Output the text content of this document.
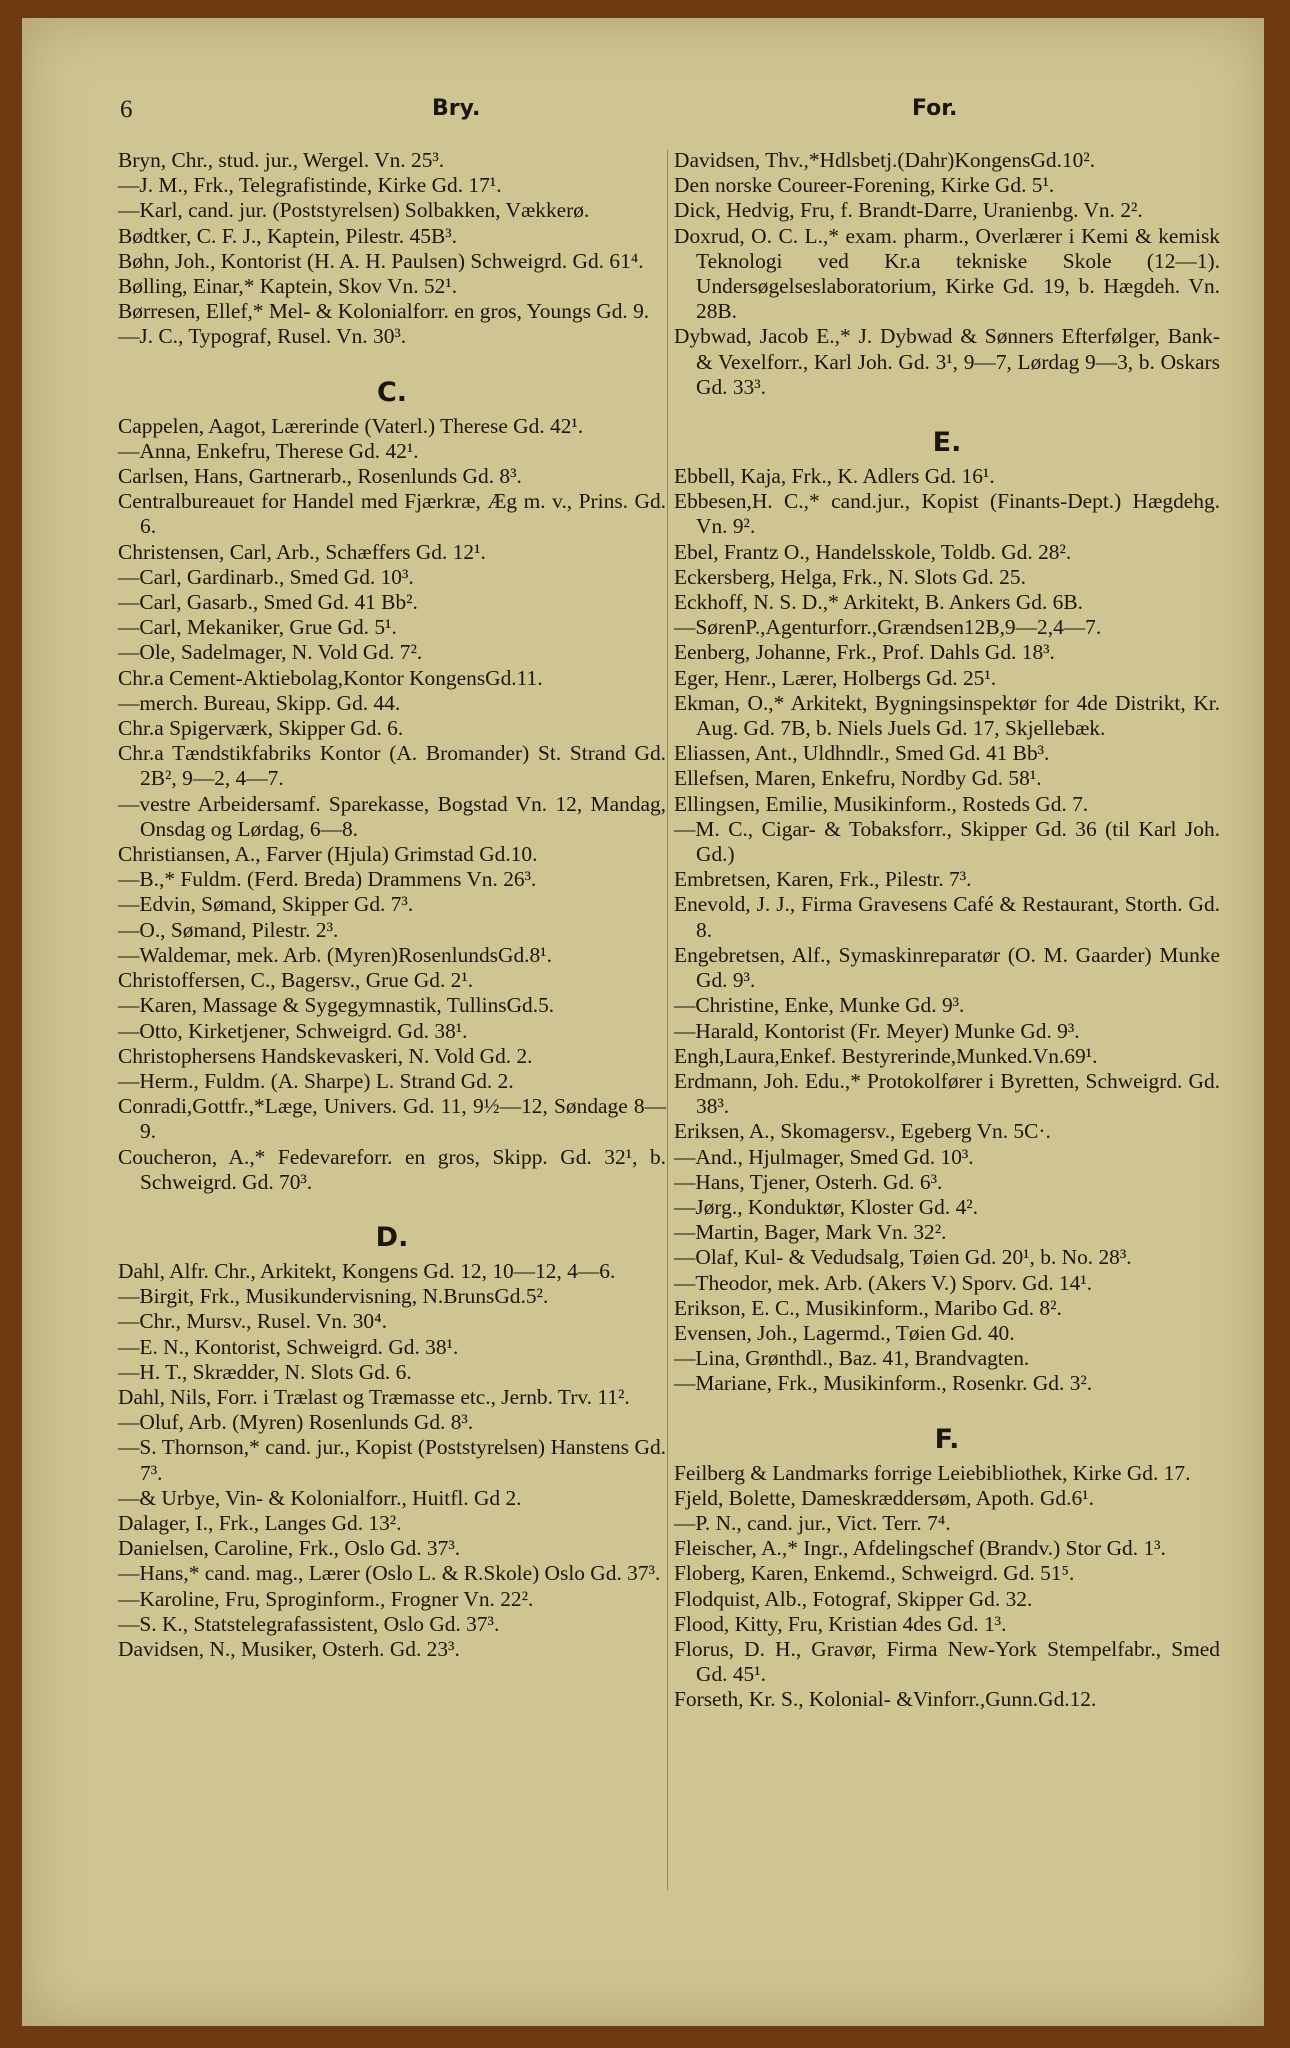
6	Bry.	For.
Bryn, Chr., stud. jur., Wergel. Vn. 25³.
—J. M., Frk., Telegrafistinde, Kirke Gd. 17¹.
—Karl, cand. jur. (Poststyrelsen) Solbakken, Vækkerø.
Bødtker, C. F. J., Kaptein, Pilestr. 45B³.
Bøhn, Joh., Kontorist (H. A. H. Paulsen) Schweigrd. Gd. 61⁴.
Bølling, Einar,* Kaptein, Skov Vn. 52¹.
Børresen, Ellef,* Mel- & Kolonialforr. en gros, Youngs Gd. 9.
—J. C., Typograf, Rusel. Vn. 30³.
C.
Cappelen, Aagot, Lærerinde (Vaterl.) Therese Gd. 42¹.
—Anna, Enkefru, Therese Gd. 42¹.
Carlsen, Hans, Gartnerarb., Rosenlunds Gd. 8³.
Centralbureauet for Handel med Fjærkræ, Æg m. v., Prins. Gd. 6.
Christensen, Carl, Arb., Schæffers Gd. 12¹.
—Carl, Gardinarb., Smed Gd. 10³.
—Carl, Gasarb., Smed Gd. 41 Bb².
—Carl, Mekaniker, Grue Gd. 5¹.
—Ole, Sadelmager, N. Vold Gd. 7².
Chr.a Cement-Aktiebolag,Kontor KongensGd.11.
—merch. Bureau, Skipp. Gd. 44.
Chr.a Spigerværk, Skipper Gd. 6.
Chr.a Tændstikfabriks Kontor (A. Bromander) St. Strand Gd. 2B², 9—2, 4—7.
—vestre Arbeidersamf. Sparekasse, Bogstad Vn. 12, Mandag, Onsdag og Lørdag, 6—8.
Christiansen, A., Farver (Hjula) Grimstad Gd.10.
—B.,* Fuldm. (Ferd. Breda) Drammens Vn. 26³.
—Edvin, Sømand, Skipper Gd. 7³.
—O., Sømand, Pilestr. 2³.
—Waldemar, mek. Arb. (Myren)RosenlundsGd.8¹.
Christoffersen, C., Bagersv., Grue Gd. 2¹.
—Karen, Massage & Sygegymnastik, TullinsGd.5.
—Otto, Kirketjener, Schweigrd. Gd. 38¹.
Christophersens Handskevaskeri, N. Vold Gd. 2.
—Herm., Fuldm. (A. Sharpe) L. Strand Gd. 2.
Conradi,Gottfr.,*Læge, Univers. Gd. 11, 9½—12, Søndage 8—9.
Coucheron, A.,* Fedevareforr. en gros, Skipp. Gd. 32¹, b. Schweigrd. Gd. 70³.
D.
Dahl, Alfr. Chr., Arkitekt, Kongens Gd. 12, 10—12, 4—6.
—Birgit, Frk., Musikundervisning, N.BrunsGd.5².
—Chr., Mursv., Rusel. Vn. 30⁴.
—E. N., Kontorist, Schweigrd. Gd. 38¹.
—H. T., Skrædder, N. Slots Gd. 6.
Dahl, Nils, Forr. i Trælast og Træmasse etc., Jernb. Trv. 11².
—Oluf, Arb. (Myren) Rosenlunds Gd. 8³.
—S. Thornson,* cand. jur., Kopist (Poststyrelsen) Hanstens Gd. 7³.
—& Urbye, Vin- & Kolonialforr., Huitfl. Gd 2.
Dalager, I., Frk., Langes Gd. 13².
Danielsen, Caroline, Frk., Oslo Gd. 37³.
—Hans,* cand. mag., Lærer (Oslo L. & R.Skole) Oslo Gd. 37³.
—Karoline, Fru, Sproginform., Frogner Vn. 22².
—S. K., Statstelegrafassistent, Oslo Gd. 37³.
Davidsen, N., Musiker, Osterh. Gd. 23³.
Davidsen, Thv.,*Hdlsbetj.(Dahr)KongensGd.10².
Den norske Coureer-Forening, Kirke Gd. 5¹.
Dick, Hedvig, Fru, f. Brandt-Darre, Uranienbg. Vn. 2².
Doxrud, O. C. L.,* exam. pharm., Overlærer i Kemi & kemisk Teknologi ved Kr.a tekniske Skole (12—1). Undersøgelseslaboratorium, Kirke Gd. 19, b. Hægdeh. Vn. 28B.
Dybwad, Jacob E.,* J. Dybwad & Sønners Efterfølger, Bank- & Vexelforr., Karl Joh. Gd. 3¹, 9—7, Lørdag 9—3, b. Oskars Gd. 33³.
E.
Ebbell, Kaja, Frk., K. Adlers Gd. 16¹.
Ebbesen,H. C.,* cand.jur., Kopist (Finants-Dept.) Hægdehg. Vn. 9².
Ebel, Frantz O., Handelsskole, Toldb. Gd. 28².
Eckersberg, Helga, Frk., N. Slots Gd. 25.
Eckhoff, N. S. D.,* Arkitekt, B. Ankers Gd. 6B.
—SørenP.,Agenturforr.,Grændsen12B,9—2,4—7.
Eenberg, Johanne, Frk., Prof. Dahls Gd. 18³.
Eger, Henr., Lærer, Holbergs Gd. 25¹.
Ekman, O.,* Arkitekt, Bygningsinspektør for 4de Distrikt, Kr. Aug. Gd. 7B, b. Niels Juels Gd. 17, Skjellebæk.
Eliassen, Ant., Uldhndlr., Smed Gd. 41 Bb³.
Ellefsen, Maren, Enkefru, Nordby Gd. 58¹.
Ellingsen, Emilie, Musikinform., Rosteds Gd. 7.
—M. C., Cigar- & Tobaksforr., Skipper Gd. 36 (til Karl Joh. Gd.)
Embretsen, Karen, Frk., Pilestr. 7³.
Enevold, J. J., Firma Gravesens Café & Restaurant, Storth. Gd. 8.
Engebretsen, Alf., Symaskinreparatør (O. M. Gaarder) Munke Gd. 9³.
—Christine, Enke, Munke Gd. 9³.
—Harald, Kontorist (Fr. Meyer) Munke Gd. 9³.
Engh,Laura,Enkef. Bestyrerinde,Munked.Vn.69¹.
Erdmann, Joh. Edu.,* Protokolfører i Byretten, Schweigrd. Gd. 38³.
Eriksen, A., Skomagersv., Egeberg Vn. 5C·.
—And., Hjulmager, Smed Gd. 10³.
—Hans, Tjener, Osterh. Gd. 6³.
—Jørg., Konduktør, Kloster Gd. 4².
—Martin, Bager, Mark Vn. 32².
—Olaf, Kul- & Vedudsalg, Tøien Gd. 20¹, b. No. 28³.
—Theodor, mek. Arb. (Akers V.) Sporv. Gd. 14¹.
Erikson, E. C., Musikinform., Maribo Gd. 8².
Evensen, Joh., Lagermd., Tøien Gd. 40.
—Lina, Grønthdl., Baz. 41, Brandvagten.
—Mariane, Frk., Musikinform., Rosenkr. Gd. 3².
F.
Feilberg & Landmarks forrige Leiebibliothek, Kirke Gd. 17.
Fjeld, Bolette, Dameskræddersøm, Apoth. Gd.6¹.
—P. N., cand. jur., Vict. Terr. 7⁴.
Fleischer, A.,* Ingr., Afdelingschef (Brandv.) Stor Gd. 1³.
Floberg, Karen, Enkemd., Schweigrd. Gd. 51⁵.
Flodquist, Alb., Fotograf, Skipper Gd. 32.
Flood, Kitty, Fru, Kristian 4des Gd. 1³.
Florus, D. H., Gravør, Firma New-York Stempelfabr., Smed Gd. 45¹.
Forseth, Kr. S., Kolonial- &Vinforr.,Gunn.Gd.12.
